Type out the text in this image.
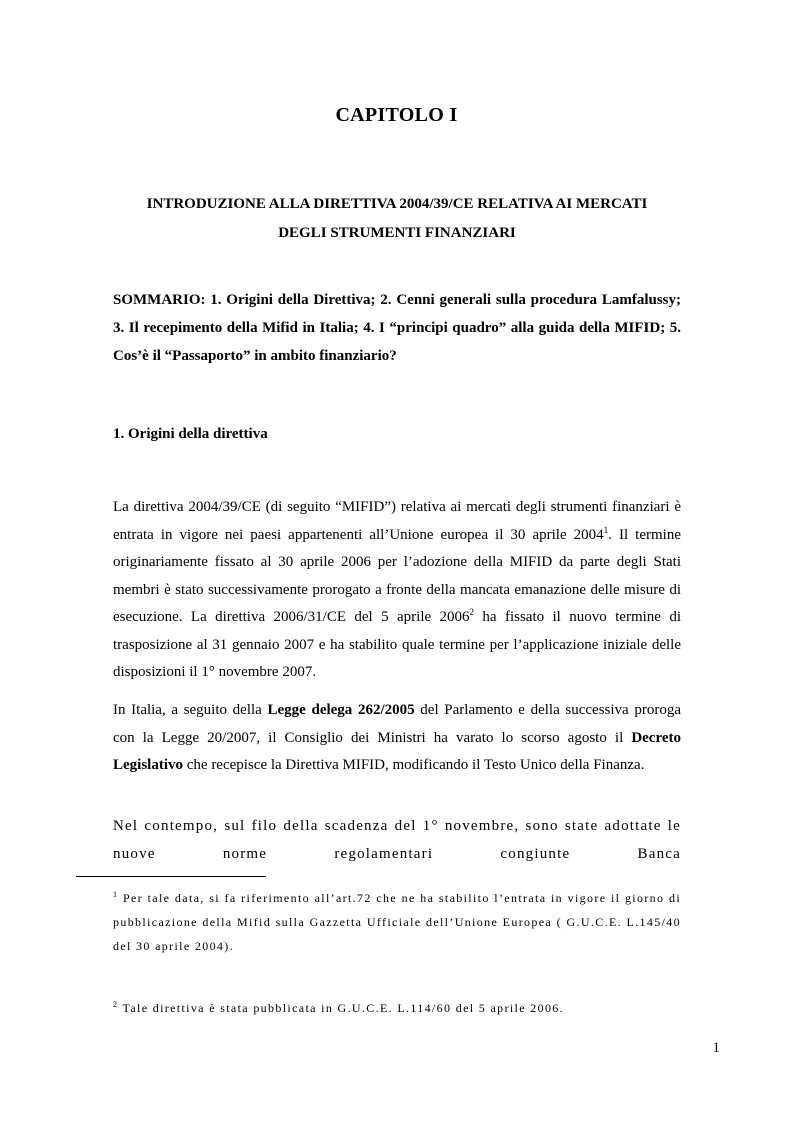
CAPITOLO I
INTRODUZIONE ALLA DIRETTIVA 2004/39/CE RELATIVA AI MERCATI
DEGLI STRUMENTI FINANZIARI

SOMMARIO: 1. Origini della Direttiva; 2. Cenni generali sulla procedura Lamfalussy; 3. Il recepimento della Mifid in Italia; 4. I “principi quadro” alla guida della MIFID; 5. Cos’è il “Passaporto” in ambito finanziario?

1. Origini della direttiva

La direttiva 2004/39/CE (di seguito “MIFID”) relativa ai mercati degli strumenti finanziari è entrata in vigore nei paesi appartenenti all’Unione europea il 30 aprile 2004$^1$. Il termine originariamente fissato al 30 aprile 2006 per l’adozione della MIFID da parte degli Stati membri è stato successivamente prorogato a fronte della mancata emanazione delle misure di esecuzione. La direttiva 2006/31/CE del 5 aprile 2006$^2$ ha fissato il nuovo termine di trasposizione al 31 gennaio 2007 e ha stabilito quale termine per l’applicazione iniziale delle disposizioni il 1° novembre 2007.

In Italia, a seguito della Legge delega 262/2005 del Parlamento e della successiva proroga con la Legge 20/2007, il Consiglio dei Ministri ha varato lo scorso agosto il Decreto Legislativo che recepisce la Direttiva MIFID, modificando il Testo Unico della Finanza.

Nel contempo, sul filo della scadenza del 1° novembre, sono state adottate le nuove norme regolamentari congiunte Banca

$^1$ Per tale data, si fa riferimento all’art.72 che ne ha stabilito l’entrata in vigore il giorno di pubblicazione della Mifid sulla Gazzetta Ufficiale dell’Unione Europea ( G.U.C.E. L.145/40 del 30 aprile 2004).

$^2$ Tale direttiva è stata pubblicata in G.U.C.E. L.114/60 del 5 aprile 2006.

1
